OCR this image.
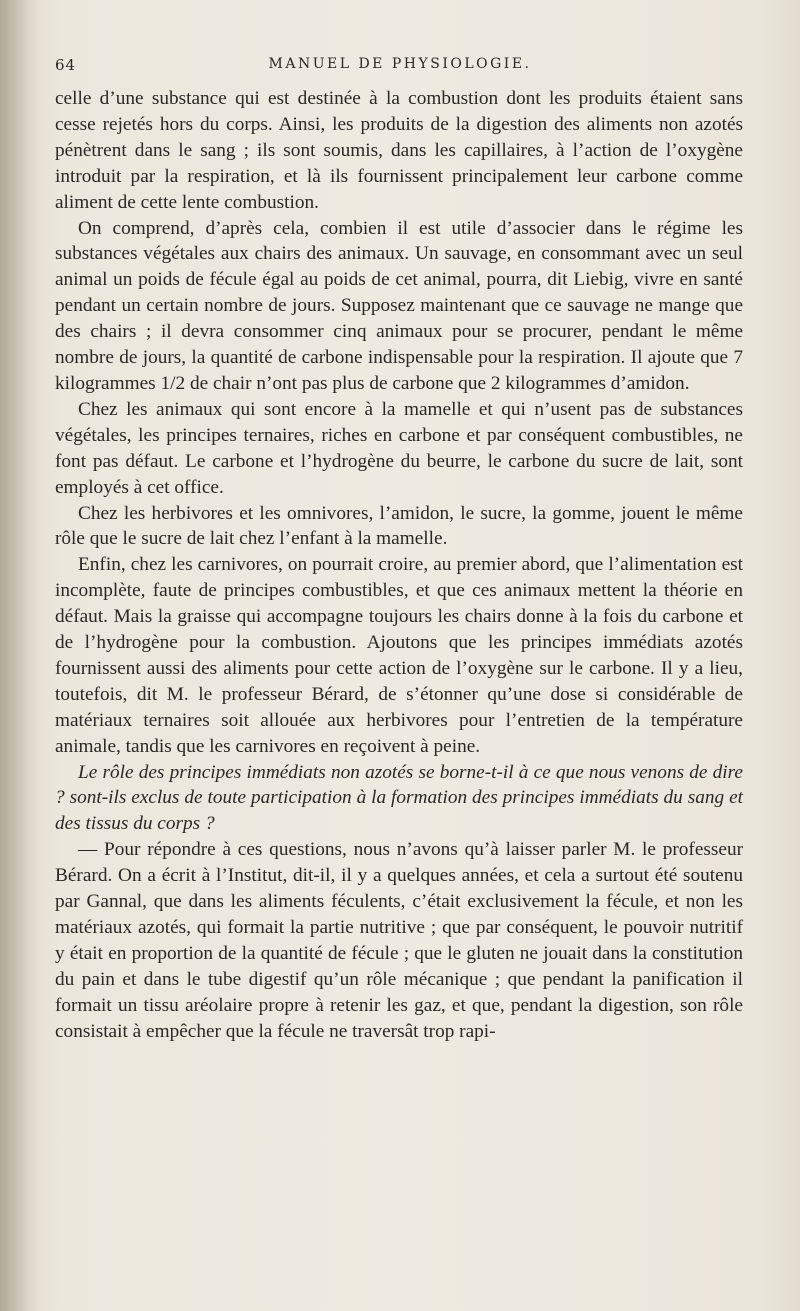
64	MANUEL DE PHYSIOLOGIE.

celle d’une substance qui est destinée à la combustion dont les produits étaient sans cesse rejetés hors du corps. Ainsi, les produits de la digestion des aliments non azotés pénètrent dans le sang ; ils sont soumis, dans les capillaires, à l’action de l’oxygène introduit par la respiration, et là ils fournissent principalement leur carbone comme aliment de cette lente combustion.

On comprend, d’après cela, combien il est utile d’associer dans le régime les substances végétales aux chairs des animaux. Un sauvage, en consommant avec un seul animal un poids de fécule égal au poids de cet animal, pourra, dit Liebig, vivre en santé pendant un certain nombre de jours. Supposez maintenant que ce sauvage ne mange que des chairs ; il devra consommer cinq animaux pour se procurer, pendant le même nombre de jours, la quantité de carbone indispensable pour la respiration. Il ajoute que 7 kilogrammes 1/2 de chair n’ont pas plus de carbone que 2 kilogrammes d’amidon.

Chez les animaux qui sont encore à la mamelle et qui n’usent pas de substances végétales, les principes ternaires, riches en carbone et par conséquent combustibles, ne font pas défaut. Le carbone et l’hydrogène du beurre, le carbone du sucre de lait, sont employés à cet office.

Chez les herbivores et les omnivores, l’amidon, le sucre, la gomme, jouent le même rôle que le sucre de lait chez l’enfant à la mamelle.

Enfin, chez les carnivores, on pourrait croire, au premier abord, que l’alimentation est incomplète, faute de principes combustibles, et que ces animaux mettent la théorie en défaut. Mais la graisse qui accompagne toujours les chairs donne à la fois du carbone et de l’hydrogène pour la combustion. Ajoutons que les principes immédiats azotés fournissent aussi des aliments pour cette action de l’oxygène sur le carbone. Il y a lieu, toutefois, dit M. le professeur Bérard, de s’étonner qu’une dose si considérable de matériaux ternaires soit allouée aux herbivores pour l’entretien de la température animale, tandis que les carnivores en reçoivent à peine.

Le rôle des principes immédiats non azotés se borne-t-il à ce que nous venons de dire ? sont-ils exclus de toute participation à la formation des principes immédiats du sang et des tissus du corps ?

— Pour répondre à ces questions, nous n’avons qu’à laisser parler M. le professeur Bérard. On a écrit à l’Institut, dit-il, il y a quelques années, et cela a surtout été soutenu par Gannal, que dans les aliments féculents, c’était exclusivement la fécule, et non les matériaux azotés, qui formait la partie nutritive ; que par conséquent, le pouvoir nutritif y était en proportion de la quantité de fécule ; que le gluten ne jouait dans la constitution du pain et dans le tube digestif qu’un rôle mécanique ; que pendant la panification il formait un tissu aréolaire propre à retenir les gaz, et que, pendant la digestion, son rôle consistait à empêcher que la fécule ne traversât trop rapi-
